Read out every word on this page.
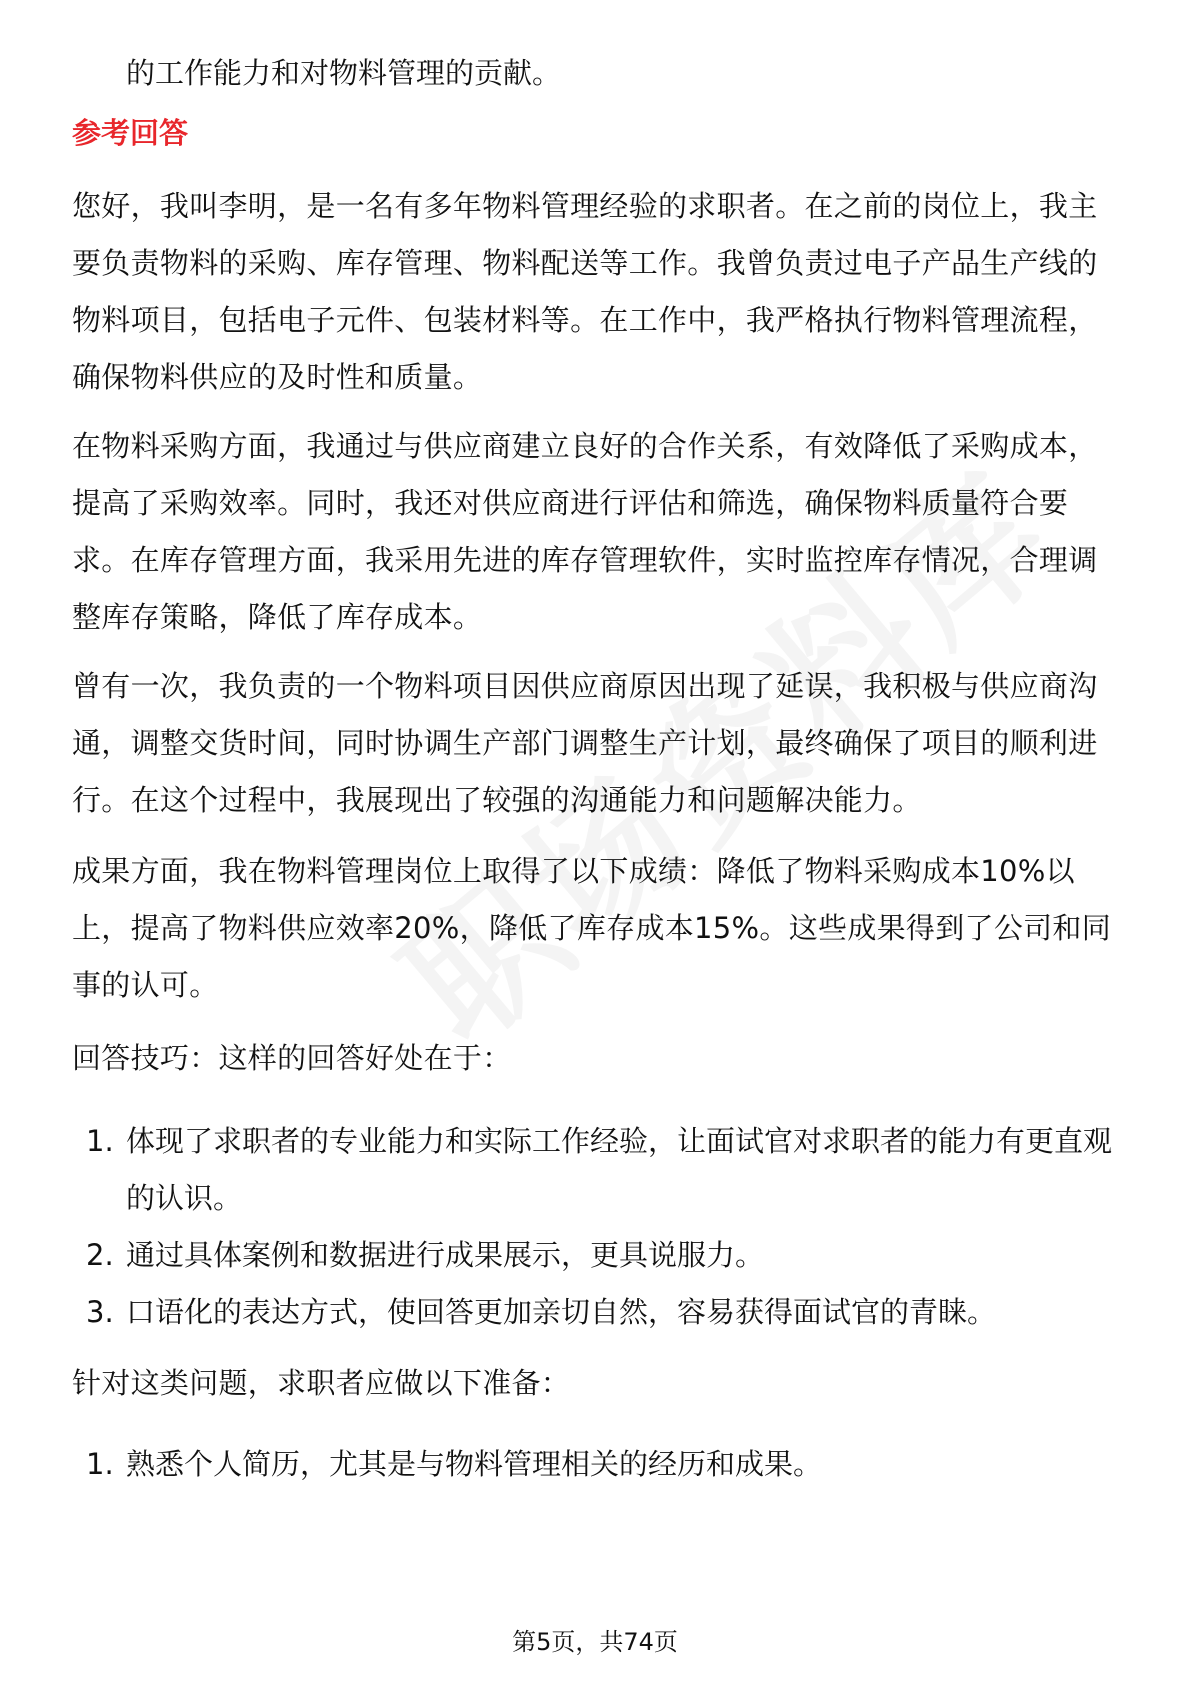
的工作能力和对物料管理的贡献。
参考回答
您好，我叫李明，是一名有多年物料管理经验的求职者。在之前的岗位上，我主要负责物料的采购、库存管理、物料配送等工作。我曾负责过电子产品生产线的物料项目，包括电子元件、包装材料等。在工作中，我严格执行物料管理流程，确保物料供应的及时性和质量。
在物料采购方面，我通过与供应商建立良好的合作关系，有效降低了采购成本，提高了采购效率。同时，我还对供应商进行评估和筛选，确保物料质量符合要求。在库存管理方面，我采用先进的库存管理软件，实时监控库存情况，合理调整库存策略，降低了库存成本。
曾有一次，我负责的一个物料项目因供应商原因出现了延误，我积极与供应商沟通，调整交货时间，同时协调生产部门调整生产计划，最终确保了项目的顺利进行。在这个过程中，我展现出了较强的沟通能力和问题解决能力。
成果方面，我在物料管理岗位上取得了以下成绩：降低了物料采购成本10%以上，提高了物料供应效率20%，降低了库存成本15%。这些成果得到了公司和同事的认可。
回答技巧：这样的回答好处在于：
1. 体现了求职者的专业能力和实际工作经验，让面试官对求职者的能力有更直观的认识。
2. 通过具体案例和数据进行成果展示，更具说服力。
3. 口语化的表达方式，使回答更加亲切自然，容易获得面试官的青睐。
针对这类问题，求职者应做以下准备：
1. 熟悉个人简历，尤其是与物料管理相关的经历和成果。
第5页，共74页
